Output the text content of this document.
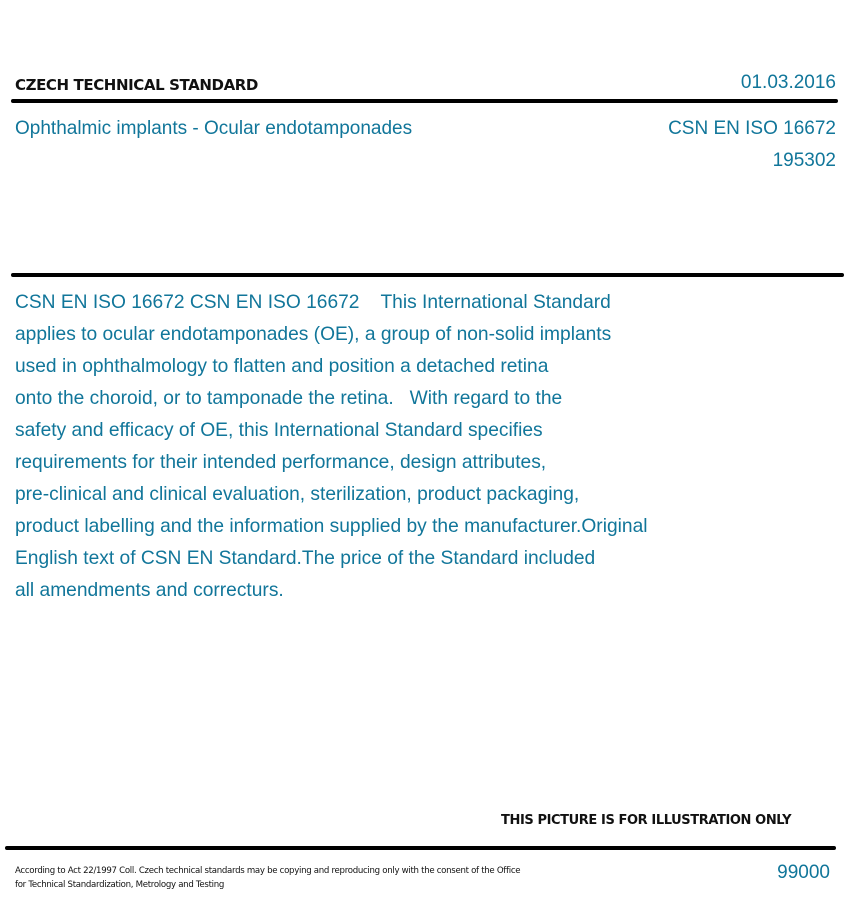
CZECH TECHNICAL STANDARD	01.03.2016
Ophthalmic implants - Ocular endotamponades	CSN EN ISO 16672
195302
CSN EN ISO 16672 CSN EN ISO 16672    This International Standard
applies to ocular endotamponades (OE), a group of non-solid implants
used in ophthalmology to flatten and position a detached retina
onto the choroid, or to tamponade the retina.   With regard to the
safety and efficacy of OE, this International Standard specifies
requirements for their intended performance, design attributes,
pre-clinical and clinical evaluation, sterilization, product packaging,
product labelling and the information supplied by the manufacturer.Original
English text of CSN EN Standard.The price of the Standard included
all amendments and correcturs.
THIS PICTURE IS FOR ILLUSTRATION ONLY
According to Act 22/1997 Coll. Czech technical standards may be copying and reproducing only with the consent of the Office
for Technical Standardization, Metrology and Testing
99000
